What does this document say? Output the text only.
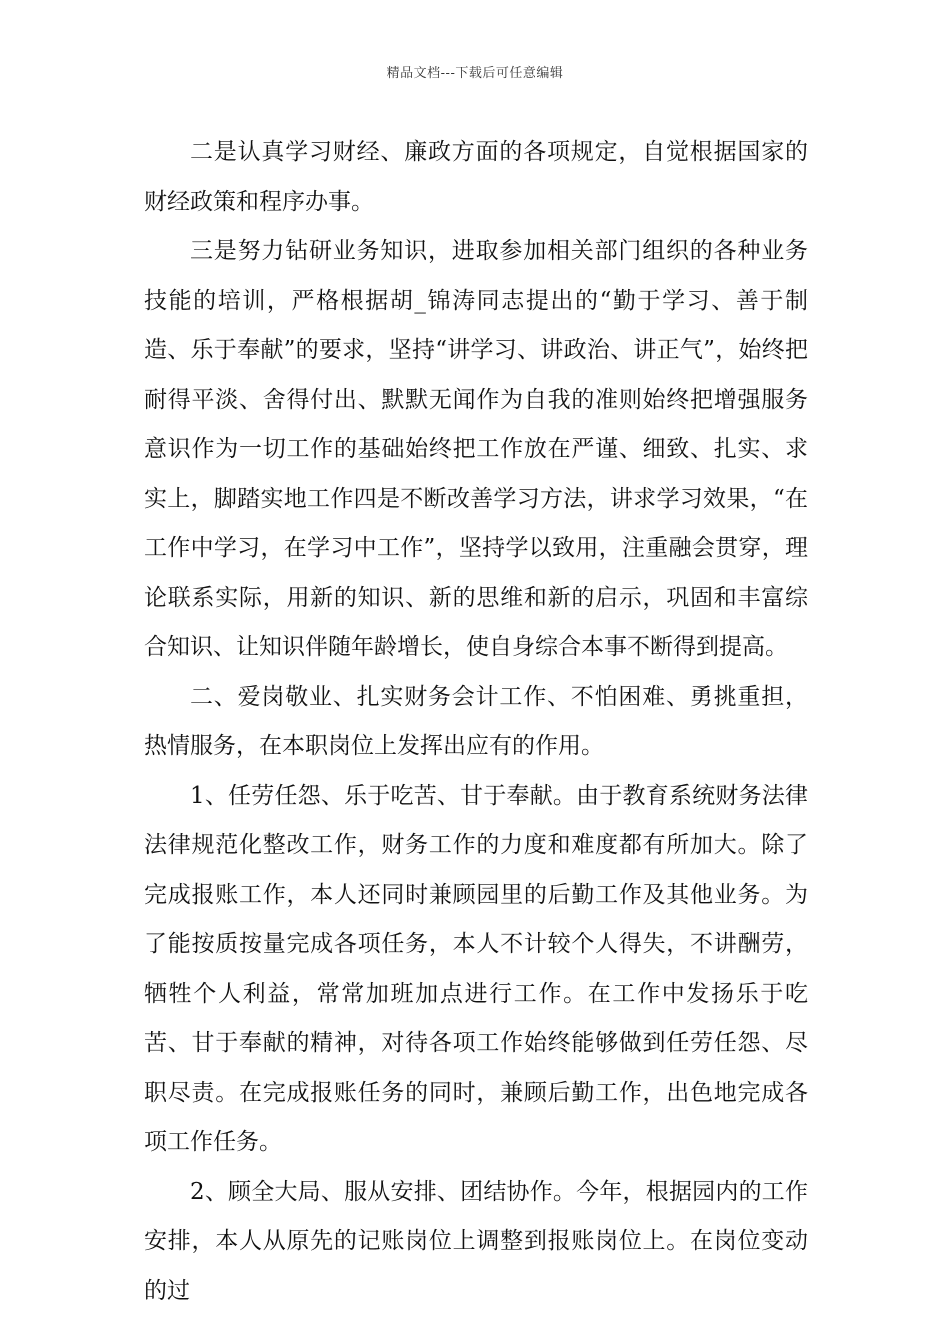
精品文档---下载后可任意编辑

二是认真学习财经、廉政方面的各项规定，自觉根据国家的财经政策和程序办事。

三是努力钻研业务知识，进取参加相关部门组织的各种业务技能的培训，严格根据胡_锦涛同志提出的“勤于学习、善于制造、乐于奉献”的要求，坚持“讲学习、讲政治、讲正气”，始终把耐得平淡、舍得付出、默默无闻作为自我的准则始终把增强服务意识作为一切工作的基础始终把工作放在严谨、细致、扎实、求实上，脚踏实地工作四是不断改善学习方法，讲求学习效果，“在工作中学习，在学习中工作”，坚持学以致用，注重融会贯穿，理论联系实际，用新的知识、新的思维和新的启示，巩固和丰富综合知识、让知识伴随年龄增长，使自身综合本事不断得到提高。

二、爱岗敬业、扎实财务会计工作、不怕困难、勇挑重担，热情服务，在本职岗位上发挥出应有的作用。

1、任劳任怨、乐于吃苦、甘于奉献。由于教育系统财务法律法律规范化整改工作，财务工作的力度和难度都有所加大。除了完成报账工作，本人还同时兼顾园里的后勤工作及其他业务。为了能按质按量完成各项任务，本人不计较个人得失，不讲酬劳，牺牲个人利益，常常加班加点进行工作。在工作中发扬乐于吃苦、甘于奉献的精神，对待各项工作始终能够做到任劳任怨、尽职尽责。在完成报账任务的同时，兼顾后勤工作，出色地完成各项工作任务。

2、顾全大局、服从安排、团结协作。今年，根据园内的工作安排，本人从原先的记账岗位上调整到报账岗位上。在岗位变动的过
